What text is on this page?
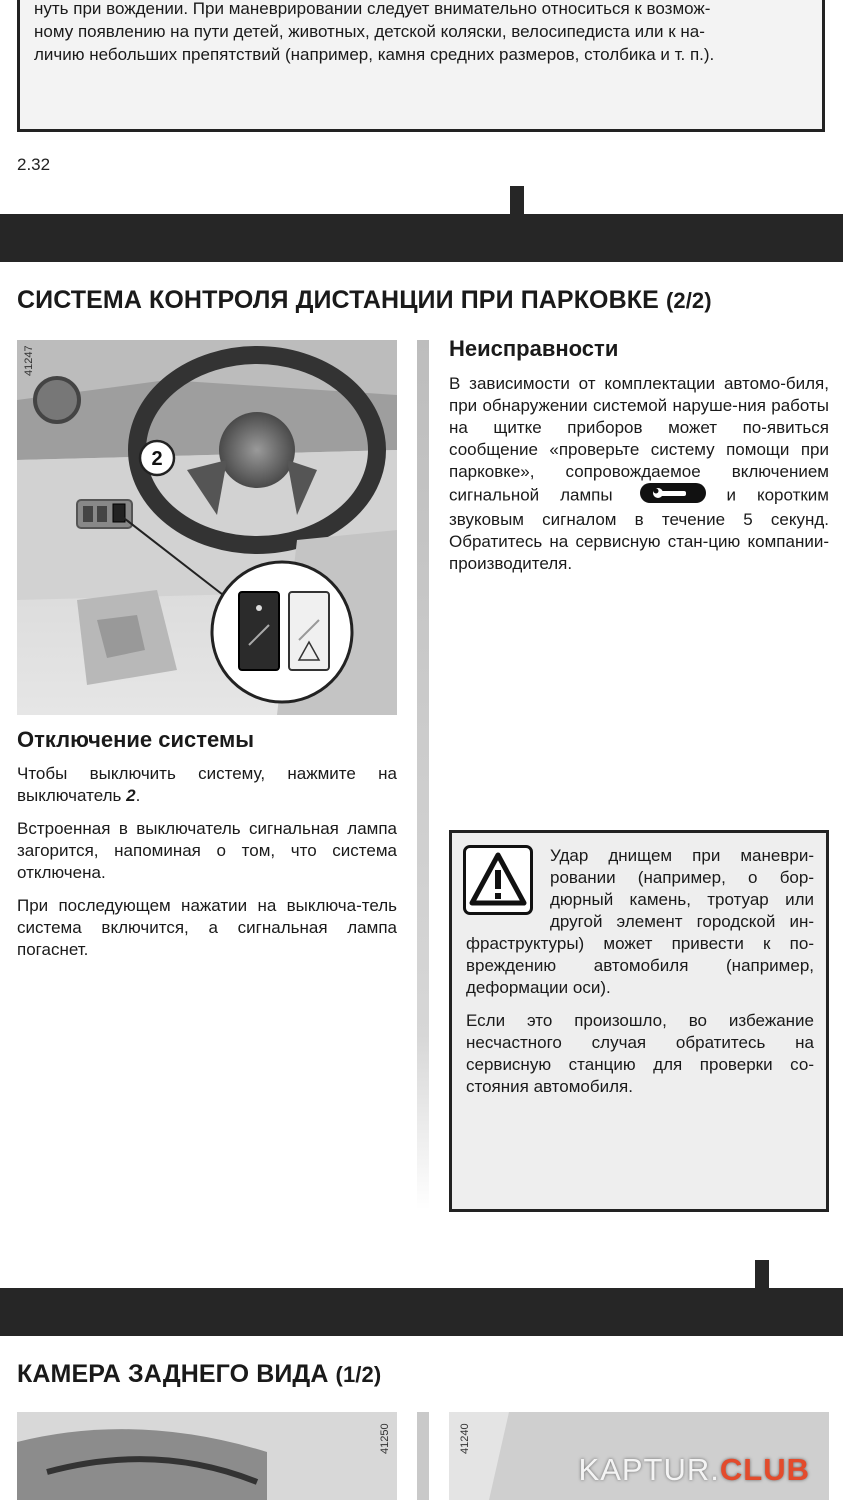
нуть при вождении. При маневрировании следует внимательно относиться к возмож-

ному появлению на пути детей, животных, детской коляски, велосипедиста или к на-

личию небольших препятствий (например, камня средних размеров, столбика и т. п.).

2.32
СИСТЕМА КОНТРОЛЯ ДИСТАНЦИИ ПРИ ПАРКОВКЕ (2/2)
2
41247
Отключение системы

Чтобы выключить систему, нажмите на выключатель 2.

Встроенная в выключатель сигнальная лампа загорится, напоминая о том, что система отключена.

При последующем нажатии на выключа-тель система включится, а сигнальная лампа погаснет.

Неисправности

В зависимости от комплектации автомо-биля, при обнаружении системой наруше-ния работы на щитке приборов может по-явиться сообщение «проверьте систему помощи при парковке», сопровождаемое включением сигнальной лампы	и коротким звуковым сигналом в течение 5 секунд. Обратитесь на сервисную стан-цию компании-производителя.

Удар днищем при маневри-ровании (например, о бор-дюрный камень, тротуар или другой элемент городской ин-фраструктуры) может привести к по-вреждению автомобиля (например, деформации оси).

Если это произошло, во избежание несчастного случая обратитесь на сервисную станцию для проверки со-стояния автомобиля.

КАМЕРА ЗАДНЕГО ВИДА (1/2)
41250	41240
KAPTUR.CLUB
